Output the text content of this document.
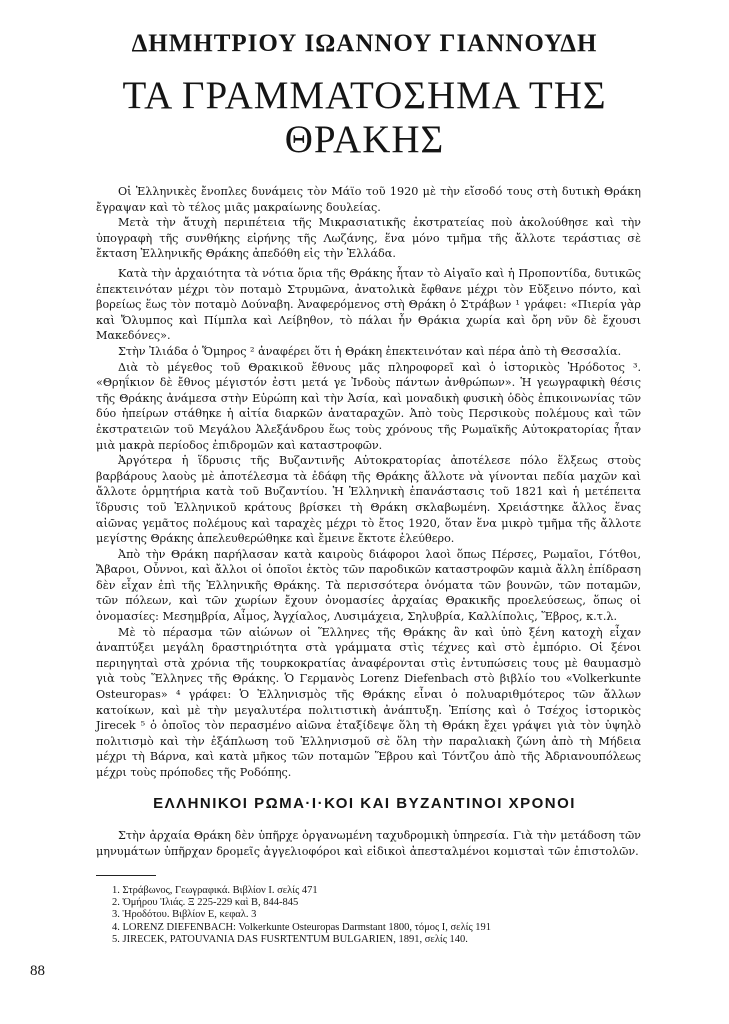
ΔΗΜΗΤΡΙΟΥ ΙΩΑΝΝΟΥ ΓΙΑΝΝΟΥΔΗ
ΤΑ ΓΡΑΜΜΑΤΟΣΗΜΑ ΤΗΣ
ΘΡΑΚΗΣ

Οἱ Ἑλληνικὲς ἔνοπλες δυνάμεις τὸν Μάϊο τοῦ 1920 μὲ τὴν εἴσοδό τους στὴ δυτικὴ Θράκη ἔγραψαν καὶ τὸ τέλος μιᾶς μακραίωνης δουλείας.

Μετὰ τὴν ἄτυχὴ περιπέτεια τῆς Μικρασιατικῆς ἐκστρατείας ποὺ ἀκολούθησε καὶ τὴν ὑπογραφὴ τῆς συνθήκης εἰρήνης τῆς Λωζάνης, ἕνα μόνο τμῆμα τῆς ἄλλοτε τεράστιας σὲ ἔκταση Ἑλληνικῆς Θράκης ἀπεδόθη εἰς τὴν Ἑλλάδα.

Κατὰ τὴν ἀρχαιότητα τὰ νότια ὅρια τῆς Θράκης ἦταν τὸ Αἰγαῖο καὶ ἡ Προποντίδα, δυτικῶς ἐπεκτεινόταν μέχρι τὸν ποταμὸ Στρυμῶνα, ἀνατολικὰ ἔφθανε μέχρι τὸν Εὔξεινο πόντο, καὶ βορείως ἕως τὸν ποταμὸ Δούναβη. Ἀναφερόμενος στὴ Θράκη ὁ Στράβων ¹ γράφει: «Πιερία γὰρ καὶ Ὄλυμπος καὶ Πίμπλα καὶ Λείβηθον, τὸ πάλαι ἦν Θράκια χωρία καὶ ὄρη νῦν δὲ ἔχουσι Μακεδόνες».

Στὴν Ἰλιάδα ὁ Ὅμηρος ² ἀναφέρει ὅτι ἡ Θράκη ἐπεκτεινόταν καὶ πέρα ἀπὸ τὴ Θεσσαλία.

Διὰ τὸ μέγεθος τοῦ Θρακικοῦ ἔθνους μᾶς πληροφορεῖ καὶ ὁ ἱστορικὸς Ἡρόδοτος ³. «Θρηΐκιον δὲ ἔθνος μέγιστόν ἐστι μετά γε Ἰνδοὺς πάντων ἀνθρώπων». Ἡ γεωγραφικὴ θέσις τῆς Θράκης ἀνάμεσα στὴν Εὐρώπη καὶ τὴν Ἀσία, καὶ μοναδικὴ φυσικὴ ὁδὸς ἐπικοινωνίας τῶν δύο ἠπείρων στάθηκε ἡ αἰτία διαρκῶν ἀναταραχῶν. Ἀπὸ τοὺς Περσικοὺς πολέμους καὶ τῶν ἐκστρατειῶν τοῦ Μεγάλου Ἀλεξάνδρου ἕως τοὺς χρόνους τῆς Ρωμαϊκῆς Αὐτοκρατορίας ἦταν μιὰ μακρὰ περίοδος ἐπιδρομῶν καὶ καταστροφῶν.

Ἀργότερα ἡ ἵδρυσις τῆς Βυζαντινῆς Αὐτοκρατορίας ἀποτέλεσε πόλο ἕλξεως στοὺς βαρβάρους λαοὺς μὲ ἀποτέλεσμα τὰ ἐδάφη τῆς Θράκης ἄλλοτε νὰ γίνονται πεδία μαχῶν καὶ ἄλλοτε ὁρμητήρια κατὰ τοῦ Βυζαντίου. Ἡ Ἑλληνικὴ ἐπανάστασις τοῦ 1821 καὶ ἡ μετέπειτα ἵδρυσις τοῦ Ἑλληνικοῦ κράτους βρίσκει τὴ Θράκη σκλαβωμένη. Χρειάστηκε ἄλλος ἕνας αἰῶνας γεμᾶτος πολέμους καὶ ταραχὲς μέχρι τὸ ἔτος 1920, ὅταν ἕνα μικρὸ τμῆμα τῆς ἄλλοτε μεγίστης Θράκης ἀπελευθερώθηκε καὶ ἔμεινε ἔκτοτε ἐλεύθερο.

Ἀπὸ τὴν Θράκη παρήλασαν κατὰ καιροὺς διάφοροι λαοὶ ὅπως Πέρσες, Ρωμαῖοι, Γότθοι, Ἄβαροι, Οὖννοι, καὶ ἄλλοι οἱ ὁποῖοι ἐκτὸς τῶν παροδικῶν καταστροφῶν καμιὰ ἄλλη ἐπίδραση δὲν εἶχαν ἐπὶ τῆς Ἑλληνικῆς Θράκης. Τὰ περισσότερα ὀνόματα τῶν βουνῶν, τῶν ποταμῶν, τῶν πόλεων, καὶ τῶν χωρίων ἔχουν ὀνομασίες ἀρχαίας Θρακικῆς προελεύσεως, ὅπως οἱ ὀνομασίες: Μεσημβρία, Αἶμος, Ἀγχίαλος, Λυσιμάχεια, Σηλυβρία, Καλλίπολις, Ἕβρος, κ.τ.λ.

Μὲ τὸ πέρασμα τῶν αἰώνων οἱ Ἕλληνες τῆς Θράκης ἂν καὶ ὑπὸ ξένη κατοχὴ εἶχαν ἀναπτύξει μεγάλη δραστηριότητα στὰ γράμματα στὶς τέχνες καὶ στὸ ἐμπόριο. Οἱ ξένοι περιηγηταὶ στὰ χρόνια τῆς τουρκοκρατίας ἀναφέρονται στὶς ἐντυπώσεις τους μὲ θαυμασμὸ γιὰ τοὺς Ἕλληνες τῆς Θράκης. Ὁ Γερμανὸς Lorenz Diefenbach στὸ βιβλίο του «Volkerkunte Osteuropas» ⁴ γράφει: Ὁ Ἑλληνισμὸς τῆς Θράκης εἶναι ὁ πολυαριθμότερος τῶν ἄλλων κατοίκων, καὶ μὲ τὴν μεγαλυτέρα πολιτιστικὴ ἀνάπτυξη. Ἐπίσης καὶ ὁ Τσέχος ἱστορικὸς Jirecek ⁵ ὁ ὁποῖος τὸν περασμένο αἰῶνα ἐταξίδεψε ὅλη τὴ Θράκη ἔχει γράψει γιὰ τὸν ὑψηλὸ πολιτισμὸ καὶ τὴν ἐξάπλωση τοῦ Ἑλληνισμοῦ σὲ ὅλη τὴν παραλιακὴ ζώνη ἀπὸ τὴ Μήδεια μέχρι τὴ Βάρνα, καὶ κατὰ μῆκος τῶν ποταμῶν Ἕβρου καὶ Τόντζου ἀπὸ τῆς Ἀδριανουπόλεως μέχρι τοὺς πρόποδες τῆς Ροδόπης.

ΕΛΛΗΝΙΚΟΙ ΡΩΜΑ·Ι·ΚΟΙ ΚΑΙ ΒΥΖΑΝΤΙΝΟΙ ΧΡΟΝΟΙ

Στὴν ἀρχαία Θράκη δὲν ὑπῆρχε ὀργανωμένη ταχυδρομικὴ ὑπηρεσία. Γιὰ τὴν μετάδοση τῶν μηνυμάτων ὑπῆρχαν δρομεῖς ἀγγελιοφόροι καὶ εἰδικοὶ ἀπεσταλμένοι κομισταὶ τῶν ἐπιστολῶν.

1. Στράβωνος, Γεωγραφικά. Βιβλίον Ι. σελίς 471
2. Ὁμήρου Ἰλιάς. Ξ 225-229 καὶ Β, 844-845
3. Ἡροδότου. Βιβλίον Ε, κεφαλ. 3
4. LORENZ DIEFENBACH: Volkerkunte Osteuropas Darmstant 1800, τόμος Ι, σελίς 191
5. JIRECEK, PATOUVANIA DAS FUSRTENTUM BULGARIEN, 1891, σελίς 140.
88
